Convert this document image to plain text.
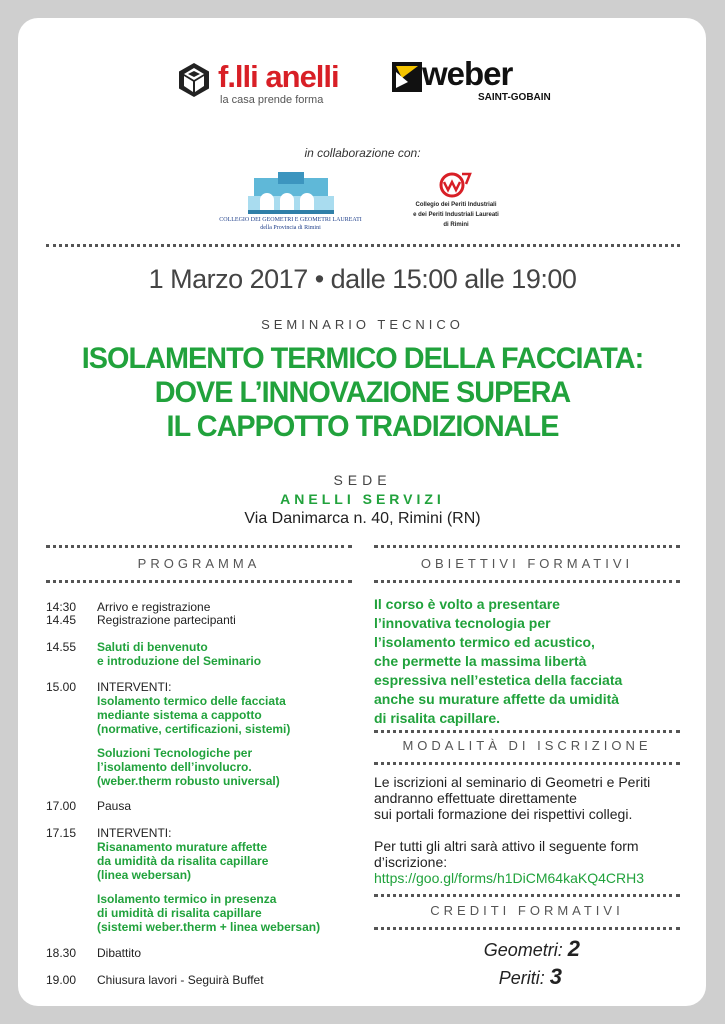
f.lli anelli
la casa prende forma
weber
SAINT-GOBAIN
in collaborazione con:
COLLEGIO DEI GEOMETRI E GEOMETRI LAUREATI
della Provincia di Rimini
Collegio dei Periti Industriali
e dei Periti Industriali Laureati
di Rimini
1 Marzo 2017 • dalle 15:00 alle 19:00
SEMINARIO TECNICO
ISOLAMENTO TERMICO DELLA FACCIATA:
DOVE L’INNOVAZIONE SUPERA
IL CAPPOTTO TRADIZIONALE
SEDE
ANELLI SERVIZI
Via Danimarca n. 40, Rimini (RN)
PROGRAMMA	OBIETTIVI FORMATIVI
14:30	Arrivo e registrazione
14.45	Registrazione partecipanti
14.55	Saluti di benvenuto
e introduzione del Seminario
15.00	INTERVENTI:
Isolamento termico delle facciata
mediante sistema a cappotto
(normative, certificazioni, sistemi)
Soluzioni Tecnologiche per
l’isolamento dell’involucro.
(weber.therm robusto universal)
17.00	Pausa
17.15	INTERVENTI:
Risanamento murature affette
da umidità da risalita capillare
(linea webersan)
Isolamento termico in presenza
di umidità di risalita capillare
(sistemi weber.therm + linea webersan)
18.30	Dibattito
19.00	Chiusura lavori - Seguirà Buffet
Il corso è volto a presentare
l’innovativa tecnologia per
l’isolamento termico ed acustico,
che permette la massima libertà
espressiva nell’estetica della facciata
anche su murature affette da umidità
di risalita capillare.
MODALITÀ DI ISCRIZIONE

Le iscrizioni al seminario di Geometri e Periti
andranno effettuate direttamente
sui portali formazione dei rispettivi collegi.

Per tutti gli altri sarà attivo il seguente form
d’iscrizione:
https://goo.gl/forms/h1DiCM64kaKQ4CRH3

CREDITI FORMATIVI
Geometri: 2
Periti: 3
